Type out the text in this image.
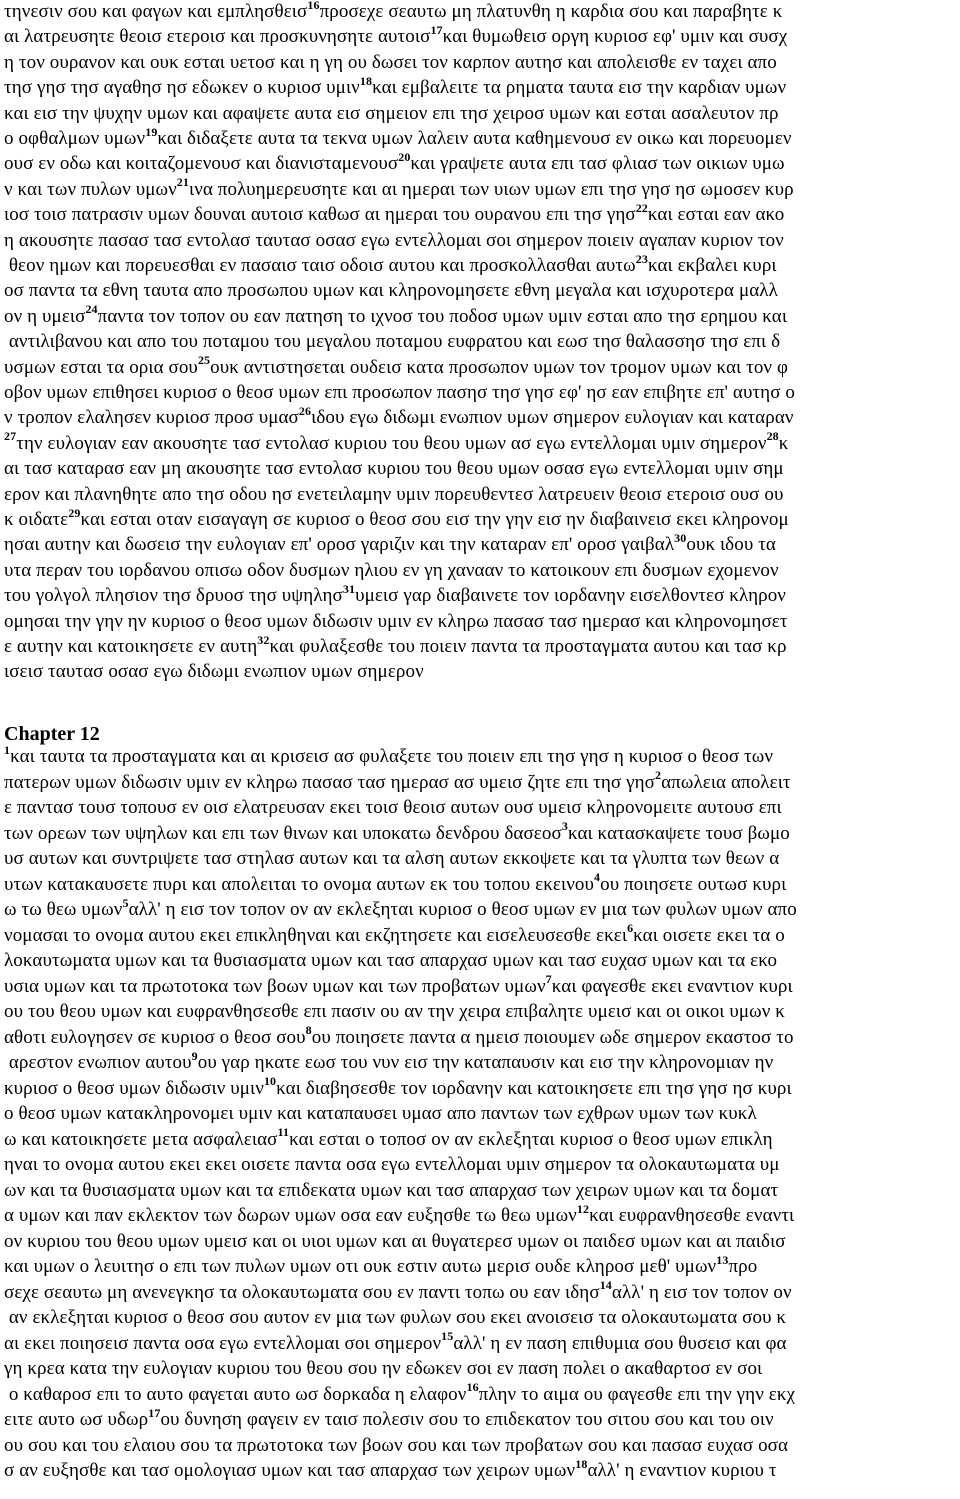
τηνεσιν σου και φαγων και εμπλησθεισ$^{16}$προσεχε σεαυτω μη πλατυνθη η καρδια σου και παραβητε κ
αι λατρευσητε θεοισ ετεροισ και προσκυνησητε αυτοισ$^{17}$και θυμωθεισ οργη κυριοσ εφ' υμιν και συσχ
η τον ουρανον και ουκ εσται υετοσ και η γη ου δωσει τον καρπον αυτησ και απολεισθε εν ταχει απο
τησ γησ τησ αγαθησ ησ εδωκεν ο κυριοσ υμιν$^{18}$και εμβαλειτε τα ρηματα ταυτα εισ την καρδιαν υμων
και εισ την ψυχην υμων και αφαψετε αυτα εισ σημειον επι τησ χειροσ υμων και εσται ασαλευτον πρ
ο οφθαλμων υμων$^{19}$και διδαξετε αυτα τα τεκνα υμων λαλειν αυτα καθημενουσ εν οικω και πορευομεν
ουσ εν οδω και κοιταζομενουσ και διανισταμενουσ$^{20}$και γραψετε αυτα επι τασ φλιασ των οικιων υμω
ν και των πυλων υμων$^{21}$ινα πολυημερευσητε και αι ημεραι των υιων υμων επι τησ γησ ησ ωμοσεν κυρ
ιοσ τοισ πατρασιν υμων δουναι αυτοισ καθωσ αι ημεραι του ουρανου επι τησ γησ$^{22}$και εσται εαν ακο
η ακουσητε πασασ τασ εντολασ ταυτασ οσασ εγω εντελλομαι σοι σημερον ποιειν αγαπαν κυριον τον
θεον ημων και πορευεσθαι εν πασαισ ταισ οδοισ αυτου και προσκολλασθαι αυτω$^{23}$και εκβαλει κυρι
οσ παντα τα εθνη ταυτα απο προσωπου υμων και κληρονομησετε εθνη μεγαλα και ισχυροτερα μαλλ
ον η υμεισ$^{24}$παντα τον τοπον ου εαν πατηση το ιχνοσ του ποδοσ υμων υμιν εσται απο τησ ερημου και
αντιλιβανου και απο του ποταμου του μεγαλου ποταμου ευφρατου και εωσ τησ θαλασσησ τησ επι δ
υσμων εσται τα ορια σου$^{25}$ουκ αντιστησεται ουδεισ κατα προσωπον υμων τον τρομον υμων και τον φ
οβον υμων επιθησει κυριοσ ο θεοσ υμων επι προσωπον πασησ τησ γησ εφ' ησ εαν επιβητε επ' αυτησ ο
ν τροπον ελαλησεν κυριοσ προσ υμασ$^{26}$ιδου εγω διδωμι ενωπιον υμων σημερον ευλογιαν και καταραν
$^{27}$την ευλογιαν εαν ακουσητε τασ εντολασ κυριου του θεου υμων ασ εγω εντελλομαι υμιν σημερον$^{28}$κ
αι τασ καταρασ εαν μη ακουσητε τασ εντολασ κυριου του θεου υμων οσασ εγω εντελλομαι υμιν σημ
ερον και πλανηθητε απο τησ οδου ησ ενετειλαμην υμιν πορευθεντεσ λατρευειν θεοισ ετεροισ ουσ ου
κ οιδατε$^{29}$και εσται οταν εισαγαγη σε κυριοσ ο θεοσ σου εισ την γην εισ ην διαβαινεισ εκει κληρονομ
ησαι αυτην και δωσεισ την ευλογιαν επ' οροσ γαριζιν και την καταραν επ' οροσ γαιβαλ$^{30}$ουκ ιδου τα
υτα περαν του ιορδανου οπισω οδον δυσμων ηλιου εν γη χανααν το κατοικουν επι δυσμων εχομενον
του γολγολ πλησιον τησ δρυοσ τησ υψηλησ$^{31}$υμεισ γαρ διαβαινετε τον ιορδανην εισελθοντεσ κληρον
ομησαι την γην ην κυριοσ ο θεοσ υμων διδωσιν υμιν εν κληρω πασασ τασ ημερασ και κληρονομησετ
ε αυτην και κατοικησετε εν αυτη$^{32}$και φυλαξεσθε του ποιειν παντα τα προσταγματα αυτου και τασ κρ
ισεισ ταυτασ οσασ εγω διδωμι ενωπιον υμων σημερον
Chapter 12
$^1$και ταυτα τα προσταγματα και αι κρισεισ ασ φυλαξετε του ποιειν επι τησ γησ η κυριοσ ο θεοσ των
πατερων υμων διδωσιν υμιν εν κληρω πασασ τασ ημερασ ασ υμεισ ζητε επι τησ γησ$^2$απωλεια απολειτ
ε παντασ τουσ τοπουσ εν οισ ελατρευσαν εκει τοισ θεοισ αυτων ουσ υμεισ κληρονομειτε αυτουσ επι
των ορεων των υψηλων και επι των θινων και υποκατω δενδρου δασεοσ$^3$και κατασκαψετε τουσ βωμο
υσ αυτων και συντριψετε τασ στηλασ αυτων και τα αλση αυτων εκκοψετε και τα γλυπτα των θεων α
υτων κατακαυσετε πυρι και απολειται το ονομα αυτων εκ του τοπου εκεινου$^4$ου ποιησετε ουτωσ κυρι
ω τω θεω υμων$^5$αλλ' η εισ τον τοπον ον αν εκλεξηται κυριοσ ο θεοσ υμων εν μια των φυλων υμων απο
νομασαι το ονομα αυτου εκει επικληθηναι και εκζητησετε και εισελευσεσθε εκει$^6$και οισετε εκει τα ο
λοκαυτωματα υμων και τα θυσιασματα υμων και τασ απαρχασ υμων και τασ ευχασ υμων και τα εκο
υσια υμων και τα πρωτοτοκα των βοων υμων και των προβατων υμων$^7$και φαγεσθε εκει εναντιον κυρι
ου του θεου υμων και ευφρανθησεσθε επι πασιν ου αν την χειρα επιβαλητε υμεισ και οι οικοι υμων κ
αθοτι ευλογησεν σε κυριοσ ο θεοσ σου$^8$ου ποιησετε παντα α ημεισ ποιουμεν ωδε σημερον εκαστοσ το
αρεστον ενωπιον αυτου$^9$ου γαρ ηκατε εωσ του νυν εισ την καταπαυσιν και εισ την κληρονομιαν ην
κυριοσ ο θεοσ υμων διδωσιν υμιν$^{10}$και διαβησεσθε τον ιορδανην και κατοικησετε επι τησ γησ ησ κυρι
ο θεοσ υμων κατακληρονομει υμιν και καταπαυσει υμασ απο παντων των εχθρων υμων των κυκλ
ω και κατοικησετε μετα ασφαλειασ$^{11}$και εσται ο τοποσ ον αν εκλεξηται κυριοσ ο θεοσ υμων επικλη
ηναι το ονομα αυτου εκει εκει οισετε παντα οσα εγω εντελλομαι υμιν σημερον τα ολοκαυτωματα υμ
ων και τα θυσιασματα υμων και τα επιδεκατα υμων και τασ απαρχασ των χειρων υμων και τα δοματ
α υμων και παν εκλεκτον των δωρων υμων οσα εαν ευξησθε τω θεω υμων$^{12}$και ευφρανθησεσθε εναντι
ον κυριου του θεου υμων υμεισ και οι υιοι υμων και αι θυγατερεσ υμων οι παιδεσ υμων και αι παιδισ
και υμων ο λευιτησ ο επι των πυλων υμων οτι ουκ εστιν αυτω μερισ ουδε κληροσ μεθ' υμων$^{13}$προ
σεχε σεαυτω μη ανενεγκησ τα ολοκαυτωματα σου εν παντι τοπω ου εαν ιδησ$^{14}$αλλ' η εισ τον τοπον ον
αν εκλεξηται κυριοσ ο θεοσ σου αυτον εν μια των φυλων σου εκει ανοισεισ τα ολοκαυτωματα σου κ
αι εκει ποιησεισ παντα οσα εγω εντελλομαι σοι σημερον$^{15}$αλλ' η εν παση επιθυμια σου θυσεισ και φα
γη κρεα κατα την ευλογιαν κυριου του θεου σου ην εδωκεν σοι εν παση πολει ο ακαθαρτοσ εν σοι
ο καθαροσ επι το αυτο φαγεται αυτο ωσ δορκαδα η ελαφον$^{16}$πλην το αιμα ου φαγεσθε επι την γην εκχ
ειτε αυτο ωσ υδωρ$^{17}$ου δυνηση φαγειν εν ταισ πολεσιν σου το επιδεκατον του σιτου σου και του οιν
ου σου και του ελαιου σου τα πρωτοτοκα των βοων σου και των προβατων σου και πασασ ευχασ οσα
σ αν ευξησθε και τασ ομολογιασ υμων και τασ απαρχασ των χειρων υμων$^{18}$αλλ' η εναντιον κυριου τ
